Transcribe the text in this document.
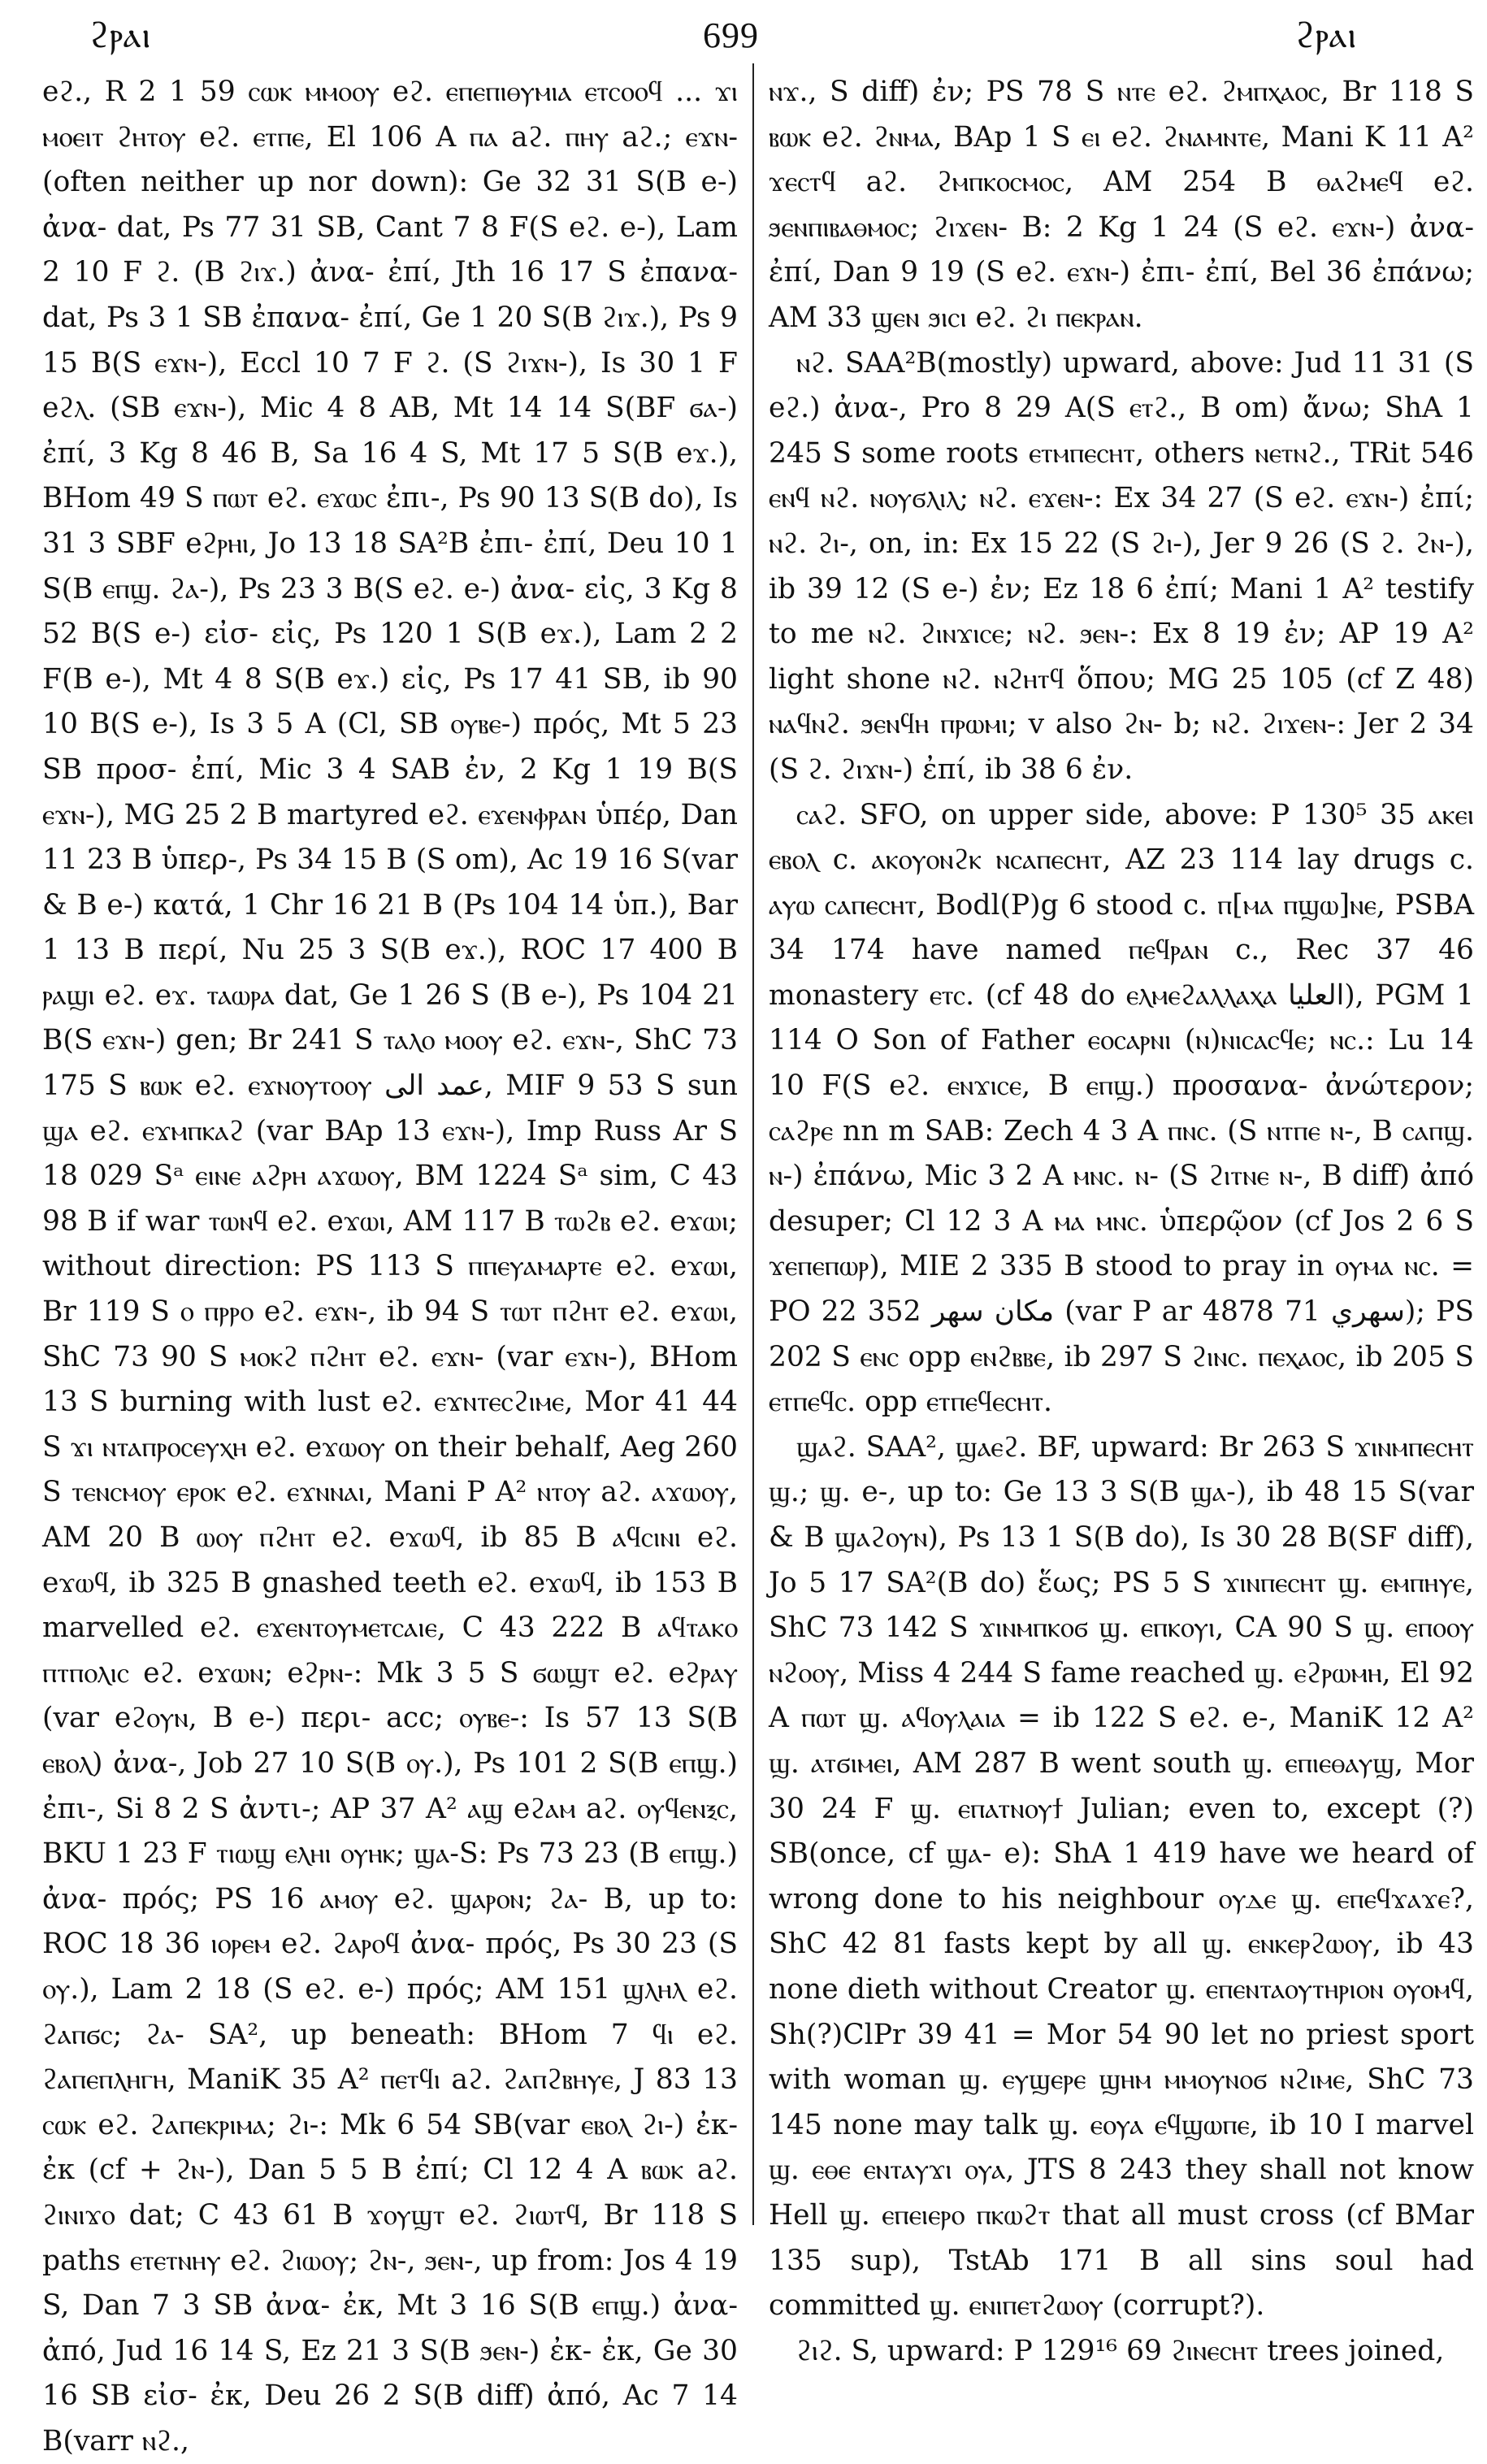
ϩⲣⲁⲓ	699	ϩⲣⲁⲓ

eϩ., R 2 1 59 ⲥⲱⲕ ⲙⲙⲟⲟⲩ eϩ. ⲉⲡⲉⲡⲓⲑⲩⲙⲓⲁ ⲉⲧⲥⲟⲟϥ ... ϫⲓ ⲙⲟⲉⲓⲧ ϩⲏⲧⲟⲩ eϩ. ⲉⲧⲡⲉ, El 106 A ⲡⲁ aϩ. ⲡⲏⲩ aϩ.; ⲉϫⲛ- (often neither up nor down): Ge 32 31 S(B e-) ἀνα- dat, Ps 77 31 SB, Cant 7 8 F(S eϩ. e-), Lam 2 10 F ϩ. (B ϩⲓϫ.) ἀνα- ἐπί, Jth 16 17 S ἐπανα- dat, Ps 3 1 SB ἐπανα- ἐπί, Ge 1 20 S(B ϩⲓϫ.), Ps 9 15 B(S ⲉϫⲛ-), Eccl 10 7 F ϩ. (S ϩⲓϫⲛ-), Is 30 1 F eϩⲗ. (SB ⲉϫⲛ-), Mic 4 8 AB, Mt 14 14 S(BF ϭⲁ-) ἐπί, 3 Kg 8 46 B, Sa 16 4 S, Mt 17 5 S(B eϫ.), BHom 49 S ⲡⲱⲧ eϩ. ⲉϫⲱⲥ ἐπι-, Ps 90 13 S(B do), Is 31 3 SBF eϩⲣⲏⲓ, Jo 13 18 SA²B ἐπι- ἐπί, Deu 10 1 S(B ⲉⲡϣ. ϩⲁ-), Ps 23 3 B(S eϩ. e-) ἀνα- εἰς, 3 Kg 8 52 B(S e-) εἰσ- εἰς, Ps 120 1 S(B eϫ.), Lam 2 2 F(B e-), Mt 4 8 S(B eϫ.) εἰς, Ps 17 41 SB, ib 90 10 B(S e-), Is 3 5 A (Cl, SB ⲟⲩⲃⲉ-) πρός, Mt 5 23 SB προσ- ἐπί, Mic 3 4 SAB ἐν, 2 Kg 1 19 B(S ⲉϫⲛ-), MG 25 2 B martyred eϩ. ⲉϫⲉⲛⲫⲣⲁⲛ ὑπέρ, Dan 11 23 B ὑπερ-, Ps 34 15 B (S om), Ac 19 16 S(var & B e-) κατά, 1 Chr 16 21 B (Ps 104 14 ὑπ.), Bar 1 13 B περί, Nu 25 3 S(B eϫ.), ROC 17 400 B ⲣⲁϣⲓ eϩ. eϫ. ⲧⲁⲱⲣⲁ dat, Ge 1 26 S (B e-), Ps 104 21 B(S ⲉϫⲛ-) gen; Br 241 S ⲧⲁⲗⲟ ⲙⲟⲟⲩ eϩ. ⲉϫⲛ-, ShC 73 175 S ⲃⲱⲕ eϩ. ⲉϫⲛⲟⲩⲧⲟⲟⲩ عمد الى, MIF 9 53 S sun ϣⲁ eϩ. ⲉϫⲙⲡⲕⲁϩ (var BAp 13 ⲉϫⲛ-), Imp Russ Ar S 18 029 Sᵃ ⲉⲓⲛⲉ ⲁϩⲣⲏ ⲁϫⲱⲟⲩ, BM 1224 Sᵃ sim, C 43 98 B if war ⲧⲱⲛϥ eϩ. eϫⲱⲓ, AM 117 B ⲧⲱϩⲃ eϩ. eϫⲱⲓ; without direction: PS 113 S ⲡⲡⲉⲩⲁⲙⲁⲣⲧⲉ eϩ. eϫⲱⲓ, Br 119 S ⲟ ⲡⲣⲣⲟ eϩ. ⲉϫⲛ-, ib 94 S ⲧⲱⲧ ⲡϩⲏⲧ eϩ. eϫⲱⲓ, ShC 73 90 S ⲙⲟⲕϩ ⲡϩⲏⲧ eϩ. ⲉϫⲛ- (var ⲉϫⲛ-), BHom 13 S burning with lust eϩ. ⲉϫⲛⲧⲉⲥϩⲓⲙⲉ, Mor 41 44 S ϫⲓ ⲛⲧⲁⲡⲣⲟⲥⲉⲩⲭⲏ eϩ. eϫⲱⲟⲩ on their behalf, Aeg 260 S ⲧⲉⲛⲥⲙⲟⲩ ⲉⲣⲟⲕ eϩ. ⲉϫⲛⲛⲁⲓ, Mani P A² ⲛⲧⲟⲩ aϩ. ⲁϫⲱⲟⲩ, AM 20 B ⲱⲟⲩ ⲡϩⲏⲧ eϩ. eϫⲱϥ, ib 85 B ⲁϥⲥⲓⲛⲓ eϩ. eϫⲱϥ, ib 325 B gnashed teeth eϩ. eϫⲱϥ, ib 153 B marvelled eϩ. ⲉϫⲉⲛⲧⲟⲩⲙⲉⲧⲥⲁⲓⲉ, C 43 222 B ⲁϥⲧⲁⲕⲟ ⲡⲧⲡⲟⲗⲓⲥ eϩ. eϫⲱⲛ; eϩⲣⲛ-: Mk 3 5 S ϭⲱϣⲧ eϩ. eϩⲣⲁⲩ (var eϩⲟⲩⲛ, B e-) περι- acc; ⲟⲩⲃⲉ-: Is 57 13 S(B ⲉⲃⲟⲗ) ἀνα-, Job 27 10 S(B ⲟⲩ.), Ps 101 2 S(B ⲉⲡϣ.) ἐπι-, Si 8 2 S ἀντι-; AP 37 A² ⲁϣ eϩⲁⲙ aϩ. ⲟⲩϥⲉⲛⲝⲥ, BKU 1 23 F ⲧⲓⲱϣ ⲉⲗⲏⲓ ⲟⲩⲏⲕ; ϣⲁ-S: Ps 73 23 (B ⲉⲡϣ.) ἀνα- πρός; PS 16 ⲁⲙⲟⲩ eϩ. ϣⲁⲣⲟⲛ; ϩⲁ- B, up to: ROC 18 36 ⲓⲟⲣⲉⲙ eϩ. ϩⲁⲣⲟϥ ἀνα- πρός, Ps 30 23 (S ⲟⲩ.), Lam 2 18 (S eϩ. e-) πρός; AM 151 ϣⲗⲏⲗ eϩ. ϩⲁⲡϭⲥ; ϩⲁ- SA², up beneath: BHom 7 ϥⲓ eϩ. ϩⲁⲡⲉⲡⲗⲏⲅⲏ, ManiK 35 A² ⲡⲉⲧϥⲓ aϩ. ϩⲁⲡϩⲃⲏⲩⲉ, J 83 13 ⲥⲱⲕ eϩ. ϩⲁⲡⲉⲕⲣⲓⲙⲁ; ϩⲓ-: Mk 6 54 SB(var ⲉⲃⲟⲗ ϩⲓ-) ἐκ- ἐκ (cf + ϩⲛ-), Dan 5 5 B ἐπί; Cl 12 4 A ⲃⲱⲕ aϩ. ϩⲓⲛⲓϫⲟ dat; C 43 61 B ϫⲟⲩϣⲧ eϩ. ϩⲓⲱⲧϥ, Br 118 S paths ⲉⲧⲉⲧⲛⲏⲩ eϩ. ϩⲓⲱⲟⲩ; ϩⲛ-, ϧⲉⲛ-, up from: Jos 4 19 S, Dan 7 3 SB ἀνα- ἐκ, Mt 3 16 S(B ⲉⲡϣ.) ἀνα- ἀπό, Jud 16 14 S, Ez 21 3 S(B ϧⲉⲛ-) ἐκ- ἐκ, Ge 30 16 SB εἰσ- ἐκ, Deu 26 2 S(B diff) ἀπό, Ac 7 14 B(varr ⲛϩ.,

ⲛϫ., S diff) ἐν; PS 78 S ⲛⲧⲉ eϩ. ϩⲙⲡⲭⲁⲟⲥ, Br 118 S ⲃⲱⲕ eϩ. ϩⲛⲙⲁ, BAp 1 S ⲉⲓ eϩ. ϩⲛⲁⲙⲛⲧⲉ, Mani K 11 A² ϫⲉⲥⲧϥ aϩ. ϩⲙⲡⲕⲟⲥⲙⲟⲥ, AM 254 B ⲑⲁϩⲙⲉϥ eϩ. ϧⲉⲛⲡⲓⲃⲁⲑⲙⲟⲥ; ϩⲓϫⲉⲛ- B: 2 Kg 1 24 (S eϩ. ⲉϫⲛ-) ἀνα- ἐπί, Dan 9 19 (S eϩ. ⲉϫⲛ-) ἐπι- ἐπί, Bel 36 ἐπάνω; AM 33 ϣⲉⲛ ϧⲓⲥⲓ eϩ. ϩⲓ ⲡⲉⲕⲣⲁⲛ.

ⲛϩ. SAA²B(mostly) upward, above: Jud 11 31 (S eϩ.) ἀνα-, Pro 8 29 A(S ⲉⲧϩ., B om) ἄνω; ShA 1 245 S some roots ⲉⲧⲙⲡⲉⲥⲏⲧ, others ⲛⲉⲧⲛϩ., TRit 546 ⲉⲛϥ ⲛϩ. ⲛⲟⲩϭⲗⲓⲗ; ⲛϩ. ⲉϫⲉⲛ-: Ex 34 27 (S eϩ. ⲉϫⲛ-) ἐπί; ⲛϩ. ϩⲓ-, on, in: Ex 15 22 (S ϩⲓ-), Jer 9 26 (S ϩ. ϩⲛ-), ib 39 12 (S e-) ἐν; Ez 18 6 ἐπί; Mani 1 A² testify to me ⲛϩ. ϩⲓⲛϫⲓⲥⲉ; ⲛϩ. ϧⲉⲛ-: Ex 8 19 ἐν; AP 19 A² light shone ⲛϩ. ⲛϩⲏⲧϥ ὅπου; MG 25 105 (cf Z 48) ⲛⲁϥⲛϩ. ϧⲉⲛϥⲏ ⲡⲣⲱⲙⲓ; v also ϩⲛ- b; ⲛϩ. ϩⲓϫⲉⲛ-: Jer 2 34 (S ϩ. ϩⲓϫⲛ-) ἐπί, ib 38 6 ἐν.

ⲥⲁϩ. SFO, on upper side, above: P 130⁵ 35 ⲁⲕⲉⲓ ⲉⲃⲟⲗ c. ⲁⲕⲟⲩⲟⲛϩⲕ ⲛⲥⲁⲡⲉⲥⲏⲧ, AZ 23 114 lay drugs c. ⲁⲩⲱ ⲥⲁⲡⲉⲥⲏⲧ, Bodl(P)g 6 stood c. ⲡ[ⲙⲁ ⲡϣⲱ]ⲛⲉ, PSBA 34 174 have named ⲡⲉϥⲣⲁⲛ c., Rec 37 46 monastery ⲉⲧⲥ. (cf 48 do ⲉⲗⲙⲉϩⲁⲗⲗⲁⲭⲁ العليا), PGM 1 114 O Son of Father ⲉⲟⲥⲁⲣⲛⲓ (ⲛ)ⲛⲓⲥⲁⲥϥⲉ; ⲛⲥ.: Lu 14 10 F(S eϩ. ⲉⲛϫⲓⲥⲉ, B ⲉⲡϣ.) προσανα- ἀνώτερον; ⲥⲁϩⲣⲉ nn m SAB: Zech 4 3 A ⲡⲛⲥ. (S ⲛⲧⲡⲉ ⲛ-, B ⲥⲁⲡϣ. ⲛ-) ἐπάνω, Mic 3 2 A ⲙⲛⲥ. ⲛ- (S ϩⲓⲧⲛⲉ ⲛ-, B diff) ἀπό desuper; Cl 12 3 A ⲙⲁ ⲙⲛⲥ. ὑπερῷον (cf Jos 2 6 S ϫⲉⲡⲉⲡⲱⲣ), MIE 2 335 B stood to pray in ⲟⲩⲙⲁ ⲛⲥ. = PO 22 352 مكان سهر (var P ar 4878 71 سهري); PS 202 S ⲉⲛⲥ opp ⲉⲛϩⲃⲃⲉ, ib 297 S ϩⲓⲛⲥ. ⲡⲉⲭⲁⲟⲥ, ib 205 S ⲉⲧⲡⲉϥⲥ. opp ⲉⲧⲡⲉϥⲉⲥⲏⲧ.

ϣⲁϩ. SAA², ϣⲁⲉϩ. BF, upward: Br 263 S ϫⲓⲛⲙⲡⲉⲥⲏⲧ ϣ.; ϣ. e-, up to: Ge 13 3 S(B ϣⲁ-), ib 48 15 S(var & B ϣⲁϩⲟⲩⲛ), Ps 13 1 S(B do), Is 30 28 B(SF diff), Jo 5 17 SA²(B do) ἕως; PS 5 S ϫⲓⲛⲡⲉⲥⲏⲧ ϣ. ⲉⲙⲡⲏⲩⲉ, ShC 73 142 S ϫⲓⲛⲙⲡⲕⲟϭ ϣ. ⲉⲡⲕⲟⲩⲓ, CA 90 S ϣ. ⲉⲡⲟⲟⲩ ⲛϩⲟⲟⲩ, Miss 4 244 S fame reached ϣ. ⲉϩⲣⲱⲙⲏ, El 92 A ⲡⲱⲧ ϣ. ⲁϥⲟⲩⲗⲁⲓⲁ = ib 122 S eϩ. e-, ManiK 12 A² ϣ. ⲁⲧϭⲓⲙⲉⲓ, AM 287 B went south ϣ. ⲉⲡⲓⲉⲑⲁⲩϣ, Mor 30 24 F ϣ. ⲉⲡⲁⲧⲛⲟⲩϯ Julian; even to, except (?) SB(once, cf ϣⲁ- e): ShA 1 419 have we heard of wrong done to his neighbour ⲟⲩⲇⲉ ϣ. ⲉⲡⲉϥϫⲁϫⲉ?, ShC 42 81 fasts kept by all ϣ. ⲉⲛⲕⲉⲣϩⲱⲟⲩ, ib 43 none dieth without Creator ϣ. ⲉⲡⲉⲛⲧⲁⲟⲩⲧⲏⲣⲓⲟⲛ ⲟⲩⲟⲙϥ, Sh(?)ClPr 39 41 = Mor 54 90 let no priest sport with woman ϣ. ⲉⲩϣⲉⲣⲉ ϣⲏⲙ ⲙⲙⲟⲩⲛⲟϭ ⲛϩⲓⲙⲉ, ShC 73 145 none may talk ϣ. ⲉⲟⲩⲁ ⲉϥϣⲱⲡⲉ, ib 10 I marvel ϣ. ⲉⲑⲉ ⲉⲛⲧⲁⲩϫⲓ ⲟⲩⲁ, JTS 8 243 they shall not know Hell ϣ. ⲉⲡⲉⲓⲉⲣⲟ ⲡⲕⲱϩⲧ that all must cross (cf BMar 135 sup), TstAb 171 B all sins soul had committed ϣ. ⲉⲛⲓⲡⲉⲧϩⲱⲟⲩ (corrupt?).

ϩⲓϩ. S, upward: P 129¹⁶ 69 ϩⲓⲛⲉⲥⲏⲧ trees joined,
